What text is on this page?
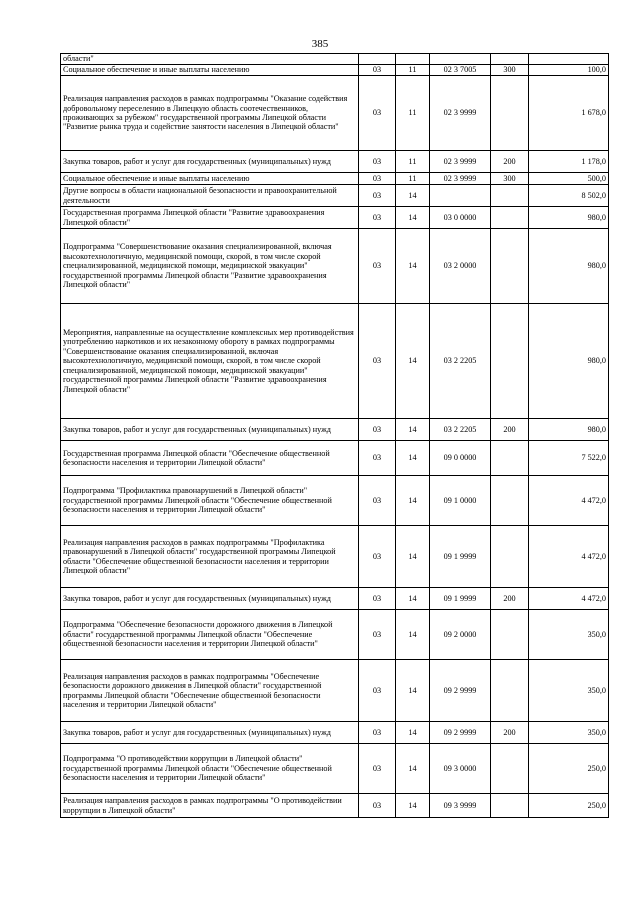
385
области"					
Социальное обеспечение и иные выплаты населению	03	11	02 3 7005	300	100,0
Реализация направления расходов в рамках подпрограммы "Оказание содействия добровольному переселению в Липецкую область соотечественников, проживающих за рубежом" государственной программы Липецкой области "Развитие рынка труда и содействие занятости населения в Липецкой области"	03	11	02 3 9999		1 678,0
Закупка товаров, работ и услуг для государственных (муниципальных) нужд	03	11	02 3 9999	200	1 178,0
Социальное обеспечение и иные выплаты населению	03	11	02 3 9999	300	500,0
Другие вопросы в области национальной безопасности и правоохранительной деятельности	03	14			8 502,0
Государственная программа Липецкой области "Развитие здравоохранения Липецкой области"	03	14	03 0 0000		980,0
Подпрограмма "Совершенствование оказания специализированной, включая высокотехнологичную, медицинской помощи, скорой, в том числе скорой специализированной, медицинской помощи, медицинской эвакуации" государственной программы Липецкой области "Развитие здравоохранения Липецкой области"	03	14	03 2 0000		980,0
Мероприятия, направленные на осуществление комплексных мер противодействия употреблению наркотиков и их незаконному обороту в рамках подпрограммы "Совершенствование оказания специализированной, включая высокотехнологичную, медицинской помощи, скорой, в том числе скорой специализированной, медицинской помощи, медицинской эвакуации" государственной программы Липецкой области "Развитие здравоохранения Липецкой области"	03	14	03 2 2205		980,0
Закупка товаров, работ и услуг для государственных (муниципальных) нужд	03	14	03 2 2205	200	980,0
Государственная программа Липецкой области "Обеспечение общественной безопасности населения и территории Липецкой области"	03	14	09 0 0000		7 522,0
Подпрограмма "Профилактика правонарушений в Липецкой области" государственной программы Липецкой области "Обеспечение общественной безопасности населения и территории Липецкой области"	03	14	09 1 0000		4 472,0
Реализация направления расходов в рамках подпрограммы "Профилактика правонарушений в Липецкой области" государственной программы Липецкой области "Обеспечение общественной безопасности населения и территории Липецкой области"	03	14	09 1 9999		4 472,0
Закупка товаров, работ и услуг для государственных (муниципальных) нужд	03	14	09 1 9999	200	4 472,0
Подпрограмма "Обеспечение безопасности дорожного движения в Липецкой области" государственной программы Липецкой области "Обеспечение общественной безопасности населения и территории Липецкой области"	03	14	09 2 0000		350,0
Реализация направления расходов в рамках подпрограммы "Обеспечение безопасности дорожного движения в Липецкой области" государственной программы Липецкой области "Обеспечение общественной безопасности населения и территории Липецкой области"	03	14	09 2 9999		350,0
Закупка товаров, работ и услуг для государственных (муниципальных) нужд	03	14	09 2 9999	200	350,0
Подпрограмма "О противодействии коррупции в Липецкой области" государственной программы Липецкой области "Обеспечение общественной безопасности населения и территории Липецкой области"	03	14	09 3 0000		250,0
Реализация направления расходов в рамках подпрограммы "О противодействии коррупции в Липецкой области"	03	14	09 3 9999		250,0
